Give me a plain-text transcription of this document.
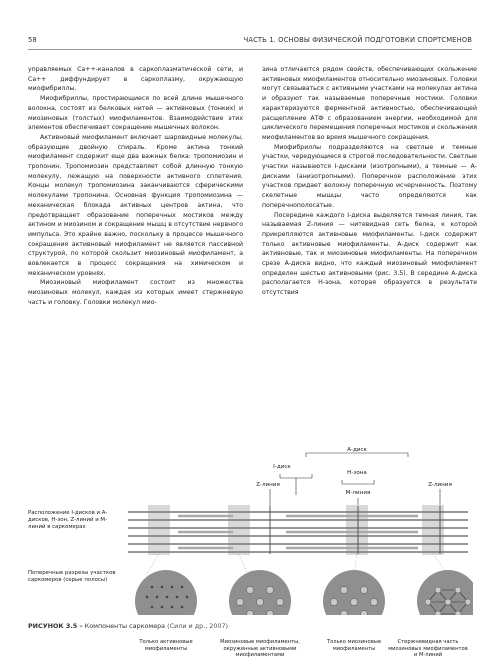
58	ЧАСТЬ 1. ОСНОВЫ ФИЗИЧЕСКОЙ ПОДГОТОВКИ СПОРТСМЕНОВ

управляемых Ca++-каналов в саркоплазматической сети, и Ca++ диффундирует в саркоплазму, окружающую миофибриллы.

Миофибриллы, простирающиеся по всей длине мышечного волокна, состоят из белковых нитей — активновых (тонких) и миозиновых (толстых) миофиламентов. Взаимодействие этих элементов обеспечивает сокращение мышечных волокон.

Активновый миофиламент включает шаровидные молекулы, образующие двойную спираль. Кроме актина тонкий миофиламент содержит еще два важных белка: тропомиозин и тропонин. Тропомиозин представляет собой длинную тонкую молекулу, лежащую на поверхности активного сплетения. Концы молекул тропомиозина заканчиваются сферическими молекулами тропонина. Основная функция тропомиозина — механическая блокада активных центров актина, что предотвращает образование поперечных мостиков между актином и миозином и сокращение мышц в отсутствие нервного импульса. Это крайне важно, поскольку в процессе мышечного сокращения активновый миофиламент не является пассивной структурой, по которой скользит миозиновый миофиламент, а вовлекается в процесс сокращения на химическом и механическом уровнях.

Миозиновый миофиламент состоит из множества миозиновых молекул, каждая из которых имеет стержневую часть и головку. Головки молекул мио-

зина отличаются рядом свойств, обеспечивающих скольжение активновых миофиламентов относительно миозиновых. Головки могут связываться с активными участками на молекулах актина и образуют так называемые поперечные мостики. Головки характеризуются ферментной активностью, обеспечивающей расщепление АТФ с образованием энергии, необходимой для циклического перемещения поперечных мостиков и скольжения миофиламентов во время мышечного сокращения.

Миофибриллы подразделяются на светлые и темные участки, чередующиеся в строгой последовательности. Светлые участки называются I-дисками (изотропными), а темные — А-дисками (анизотропными). Поперечное расположение этих участков придает волокну поперечную исчерченность. Поэтому скелетные мышцы часто определяются как поперечнополосатые.

Посередине каждого I-диска выделяется темная линия, так называемая Z-линия — нитевидная сеть белка, к которой прикрепляются активновые миофиламенты. I-диск содержит только активновые миофиламенты. А-диск содержит как активновые, так и миозиновые миофиламенты. На поперечном срезе А-диска видно, что каждый миозиновый миофиламент определен шестью активновыми (рис. 3.5). В середине А-диска располагается Н-зона, которая образуется в результате отсутствия

А-диск
I-диск
Н-зона
Z-линия
М-линия
Z-линия
Расположение I-дисков и А-дисков, Н-зон, Z-линий и М-линий в саркомерах
Поперечные разрезы участков саркомеров (серые полосы)
Только активновые миофиламенты
Миозиновые миофиламенты, окруженные активновыми миофиламентами
Только миозиновые миофиламенты
Стержневидная часть миозиновых миофиламентов и М-линий
РИСУНОК 3.5 – Компоненты саркомера (Сили и др., 2007)
